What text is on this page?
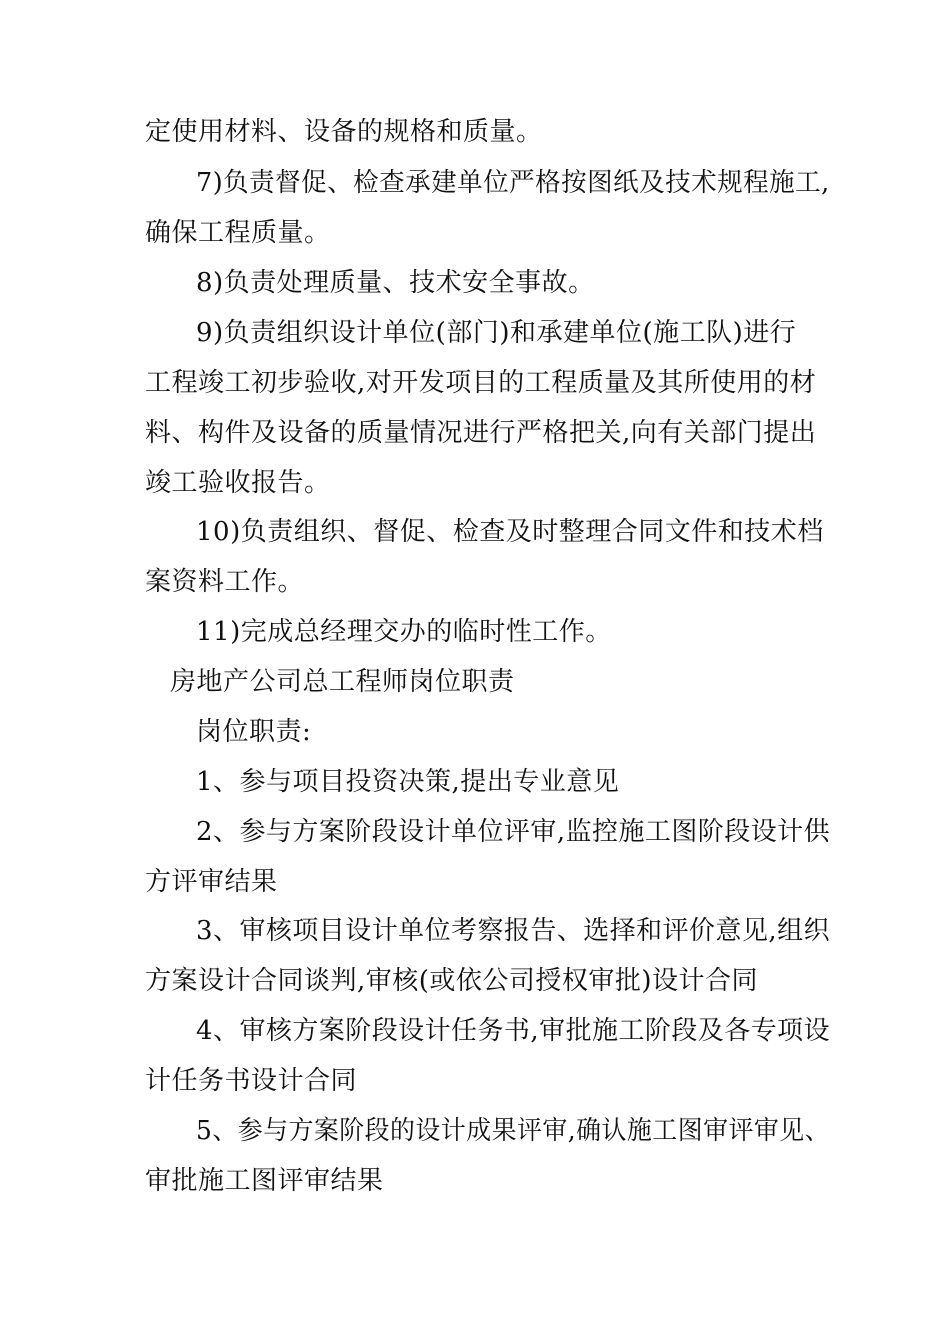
定使用材料、设备的规格和质量。
7)负责督促、检查承建单位严格按图纸及技术规程施工,
确保工程质量。
8)负责处理质量、技术安全事故。
9)负责组织设计单位(部门)和承建单位(施工队)进行
工程竣工初步验收,对开发项目的工程质量及其所使用的材
料、构件及设备的质量情况进行严格把关,向有关部门提出
竣工验收报告。
10)负责组织、督促、检查及时整理合同文件和技术档
案资料工作。
11)完成总经理交办的临时性工作。
房地产公司总工程师岗位职责
岗位职责:
1、参与项目投资决策,提出专业意见
2、参与方案阶段设计单位评审,监控施工图阶段设计供
方评审结果
3、审核项目设计单位考察报告、选择和评价意见,组织
方案设计合同谈判,审核(或依公司授权审批)设计合同
4、审核方案阶段设计任务书,审批施工阶段及各专项设
计任务书设计合同
5、参与方案阶段的设计成果评审,确认施工图审评审见、
审批施工图评审结果
